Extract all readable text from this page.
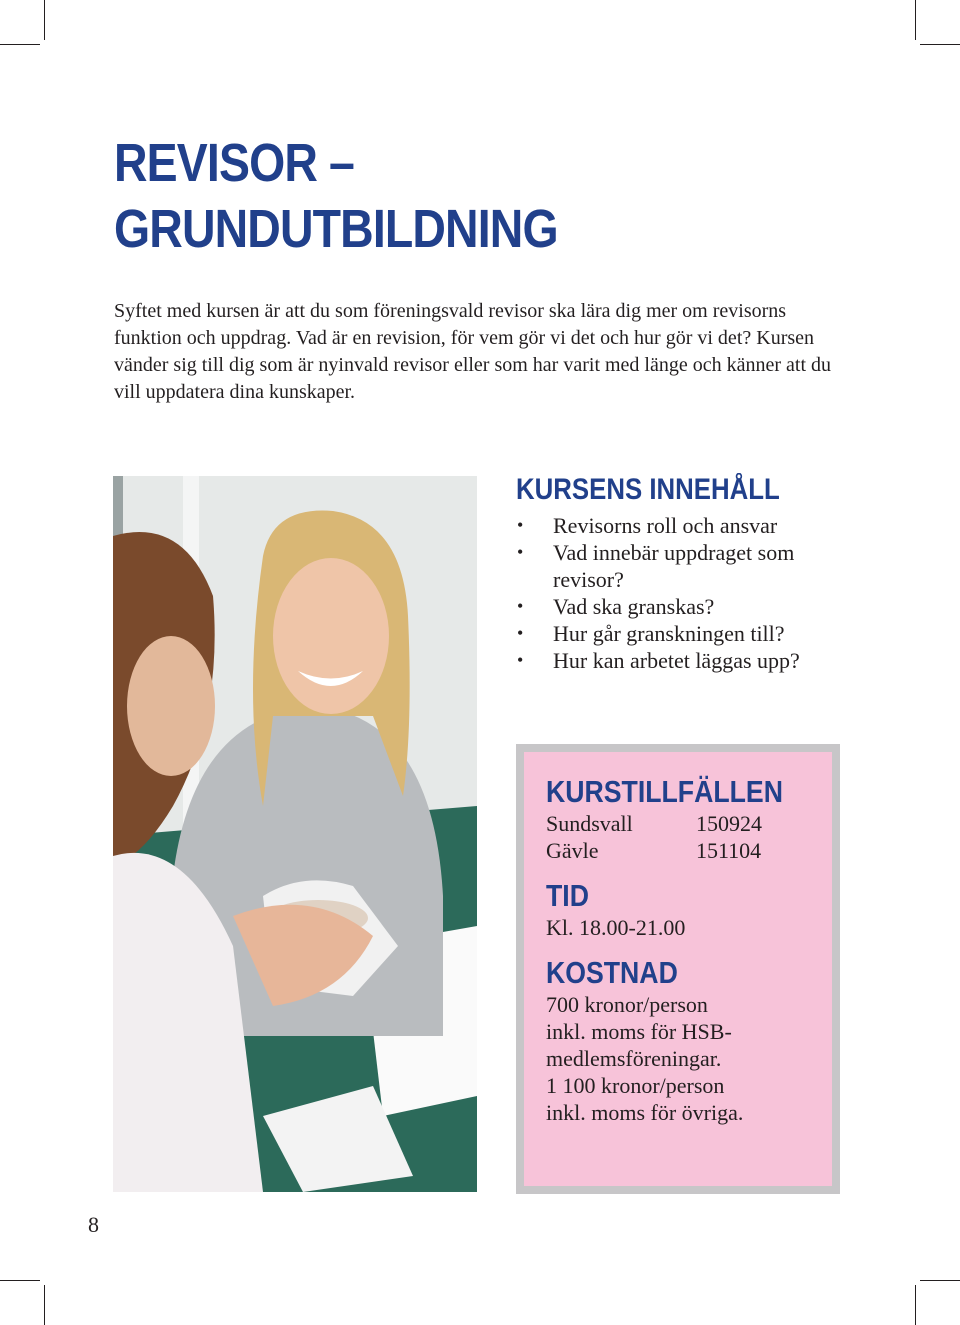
REVISOR –
GRUNDUTBILDNING

Syftet med kursen är att du som föreningsvald revisor ska lära dig mer om revisorns funktion och uppdrag. Vad är en revision, för vem gör vi det och hur gör vi det? Kursen vänder sig till dig som är nyinvald revisor eller som har varit med länge och känner att du vill uppdatera dina kunskaper.

KURSENS INNEHÅLL
• Revisorns roll och ansvar
• Vad innebär uppdraget som revisor?
• Vad ska granskas?
• Hur går granskningen till?
• Hur kan arbetet läggas upp?
KURSTILLFÄLLEN
Sundsvall	150924
Gävle	151104
TID

Kl. 18.00-21.00

KOSTNAD

700 kronor/person

inkl. moms för HSB-

medlemsföreningar.

1 100 kronor/person

inkl. moms för övriga.

8
